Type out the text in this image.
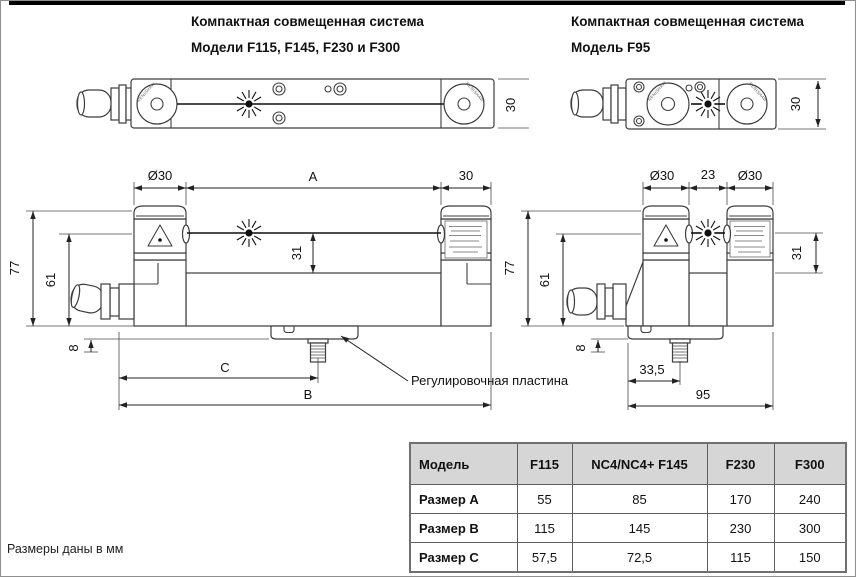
Компактная совмещенная система
Модели F115, F145, F230 и F300
Компактная совмещенная система
Модель F95
RENISHAW	RENISHAW
30
RENISHAW	RENISHAW
30
Ø30	A	30
31
Регулировочная пластина
77
61
8
C
B
Ø30 23 Ø30
31
77
61
8
33,5
95
Модель	F115	NC4/NC4+ F145	F230	F300
Размер A	55	85	170	240
Размер B	115	145	230	300
Размер C	57,5	72,5	115	150
Размеры даны в мм
